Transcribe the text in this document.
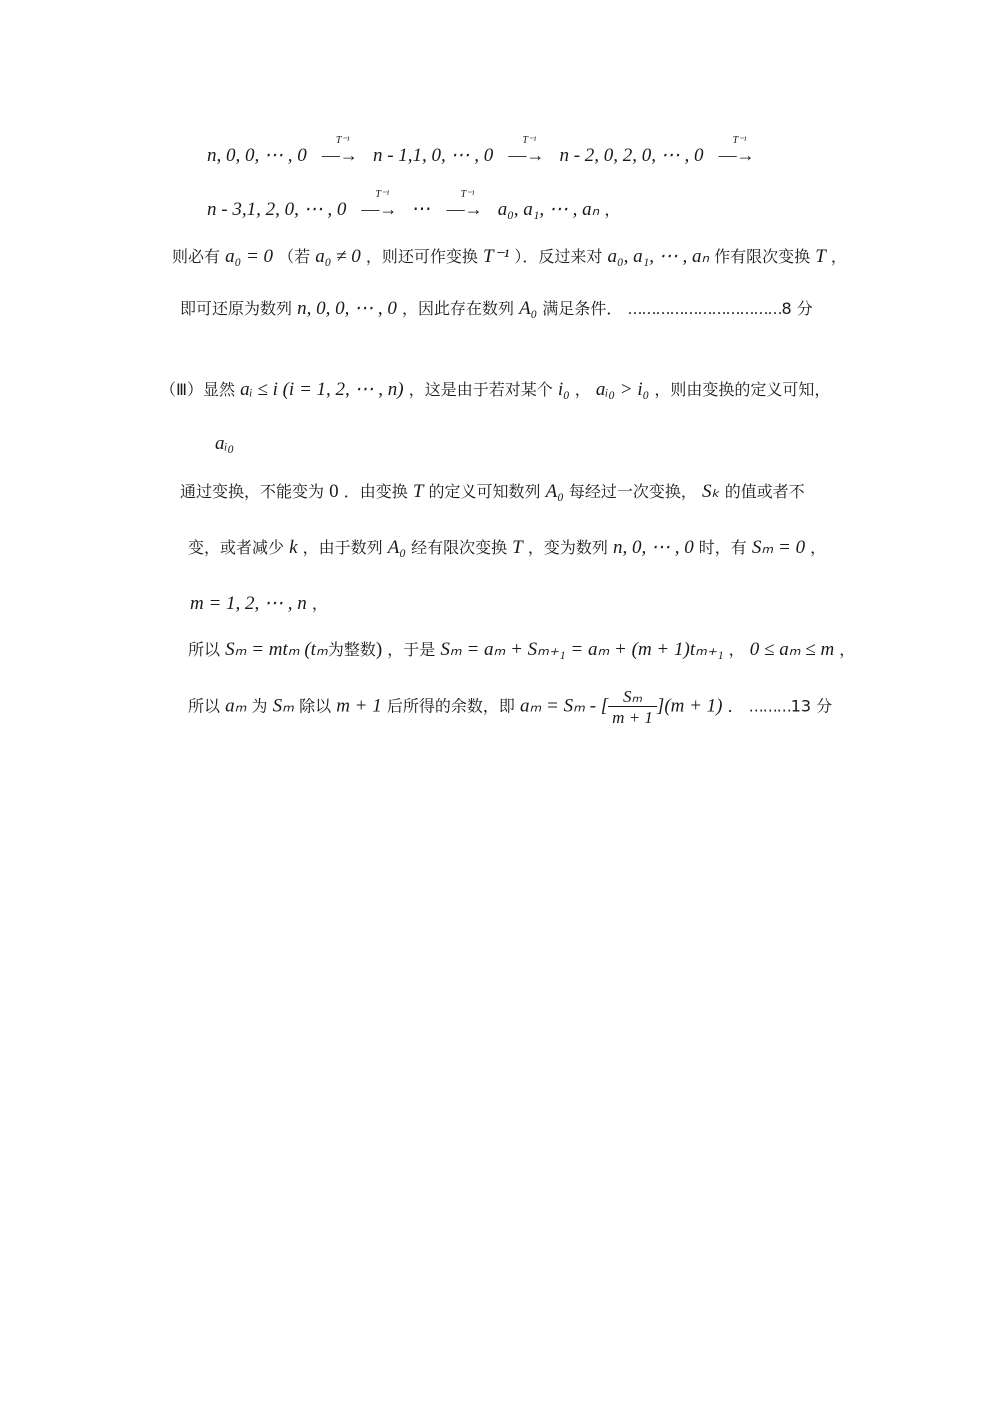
n, 0, 0, ⋯ , 0 —→
T⁻¹
n - 1,1, 0, ⋯ , 0 —→
T⁻¹
n - 2, 0, 2, 0, ⋯ , 0 —→
T⁻¹
n - 3,1, 2, 0, ⋯ , 0 —→
T⁻¹
⋯ —→
T⁻¹
a₀, a₁, ⋯ , aₙ ，
则必有 a₀ = 0 （若 a₀ ≠ 0 ，则还可作变换 T⁻¹ ）．反过来对 a₀, a₁, ⋯ , aₙ 作有限次变换 T ，
即可还原为数列 n, 0, 0, ⋯ , 0 ，因此存在数列 A₀ 满足条件． ……………………………8 分
（Ⅲ）显然 aᵢ ≤ i (i = 1, 2, ⋯ , n) ，这是由于若对某个 i₀ ， aᵢ₀ > i₀ ，则由变换的定义可知，
aᵢ₀
通过变换，不能变为 0 ．由变换 T 的定义可知数列 A₀ 每经过一次变换， Sₖ 的值或者不
变，或者减少 k ，由于数列 A₀ 经有限次变换 T ，变为数列 n, 0, ⋯ , 0 时，有 Sₘ = 0 ，
m = 1, 2, ⋯ , n ，
所以 Sₘ = mtₘ (tₘ为整数) ，于是 Sₘ = aₘ + Sₘ₊₁ = aₘ + (m + 1)tₘ₊₁ ， 0 ≤ aₘ ≤ m ，
所以 aₘ 为 Sₘ 除以 m + 1 后所得的余数，即 aₘ = Sₘ - [ $\frac{\text{Sₘ}}{m + 1} ](m + 1)$ ． ………13 分
